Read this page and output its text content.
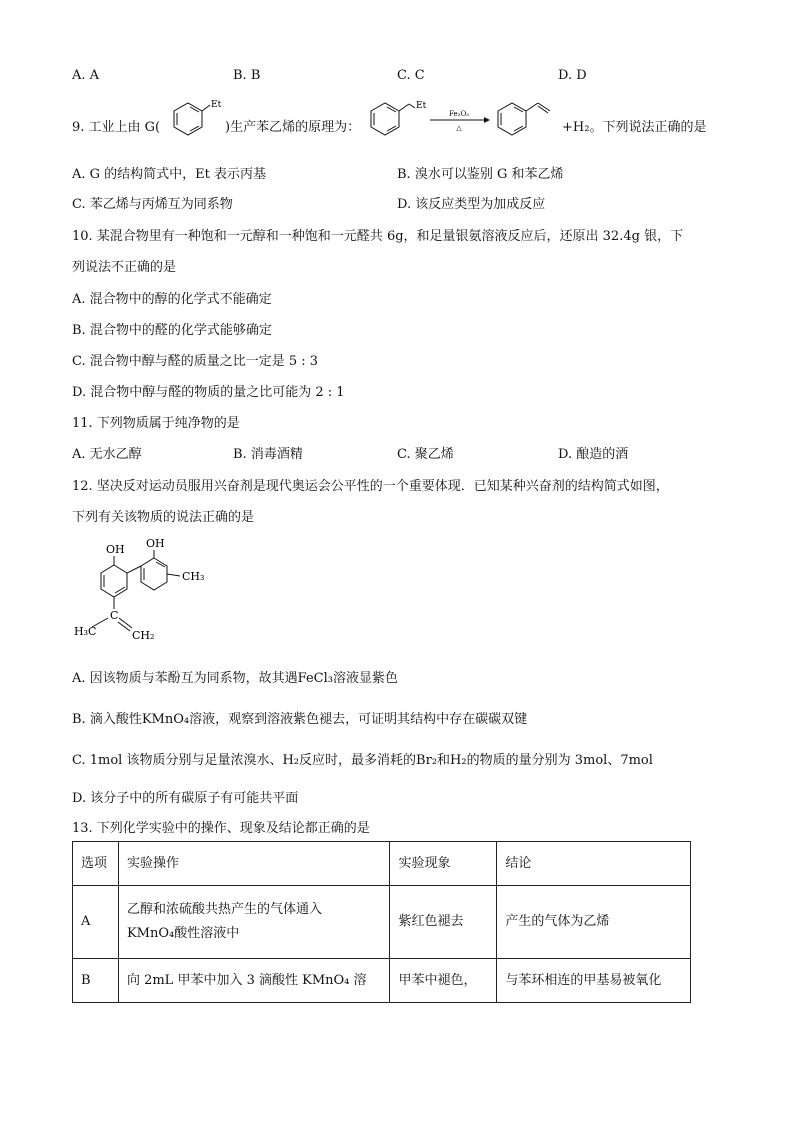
A. A	B. B	C. C	D. D
9. 工业上由 G(
Et
)生产苯乙烯的原理为：
Et
Fe₂O₃
△	+H₂。下列说法正确的是
A. G 的结构简式中，Et 表示丙基	B. 溴水可以鉴别 G 和苯乙烯
C. 苯乙烯与丙烯互为同系物	D. 该反应类型为加成反应
10. 某混合物里有一种饱和一元醇和一种饱和一元醛共 6g，和足量银氨溶液反应后，还原出 32.4g 银，下
列说法不正确的是
A. 混合物中的醇的化学式不能确定
B. 混合物中的醛的化学式能够确定
C. 混合物中醇与醛的质量之比一定是 5 : 3
D. 混合物中醇与醛的物质的量之比可能为 2 : 1
11. 下列物质属于纯净物的是
A. 无水乙醇	B. 消毒酒精	C. 聚乙烯	D. 酿造的酒
12. 坚决反对运动员服用兴奋剂是现代奥运会公平性的一个重要体现．已知某种兴奋剂的结构简式如图，
下列有关该物质的说法正确的是
OH OH
CH₃
C
H₃C	CH₂
A. 因该物质与苯酚互为同系物，故其遇FeCl₃溶液显紫色
B. 滴入酸性KMnO₄溶液，观察到溶液紫色褪去，可证明其结构中存在碳碳双键
C. 1mol 该物质分别与足量浓溴水、H₂反应时，最多消耗的Br₂和H₂的物质的量分别为 3mol、7mol
D. 该分子中的所有碳原子有可能共平面
13. 下列化学实验中的操作、现象及结论都正确的是
选项	实验操作	实验现象	结论
A	乙醇和浓硫酸共热产生的气体通入
KMnO₄酸性溶液中	紫红色褪去	产生的气体为乙烯
B	向 2mL 甲苯中加入 3 滴酸性 KMnO₄ 溶	甲苯中褪色，	与苯环相连的甲基易被氧化
